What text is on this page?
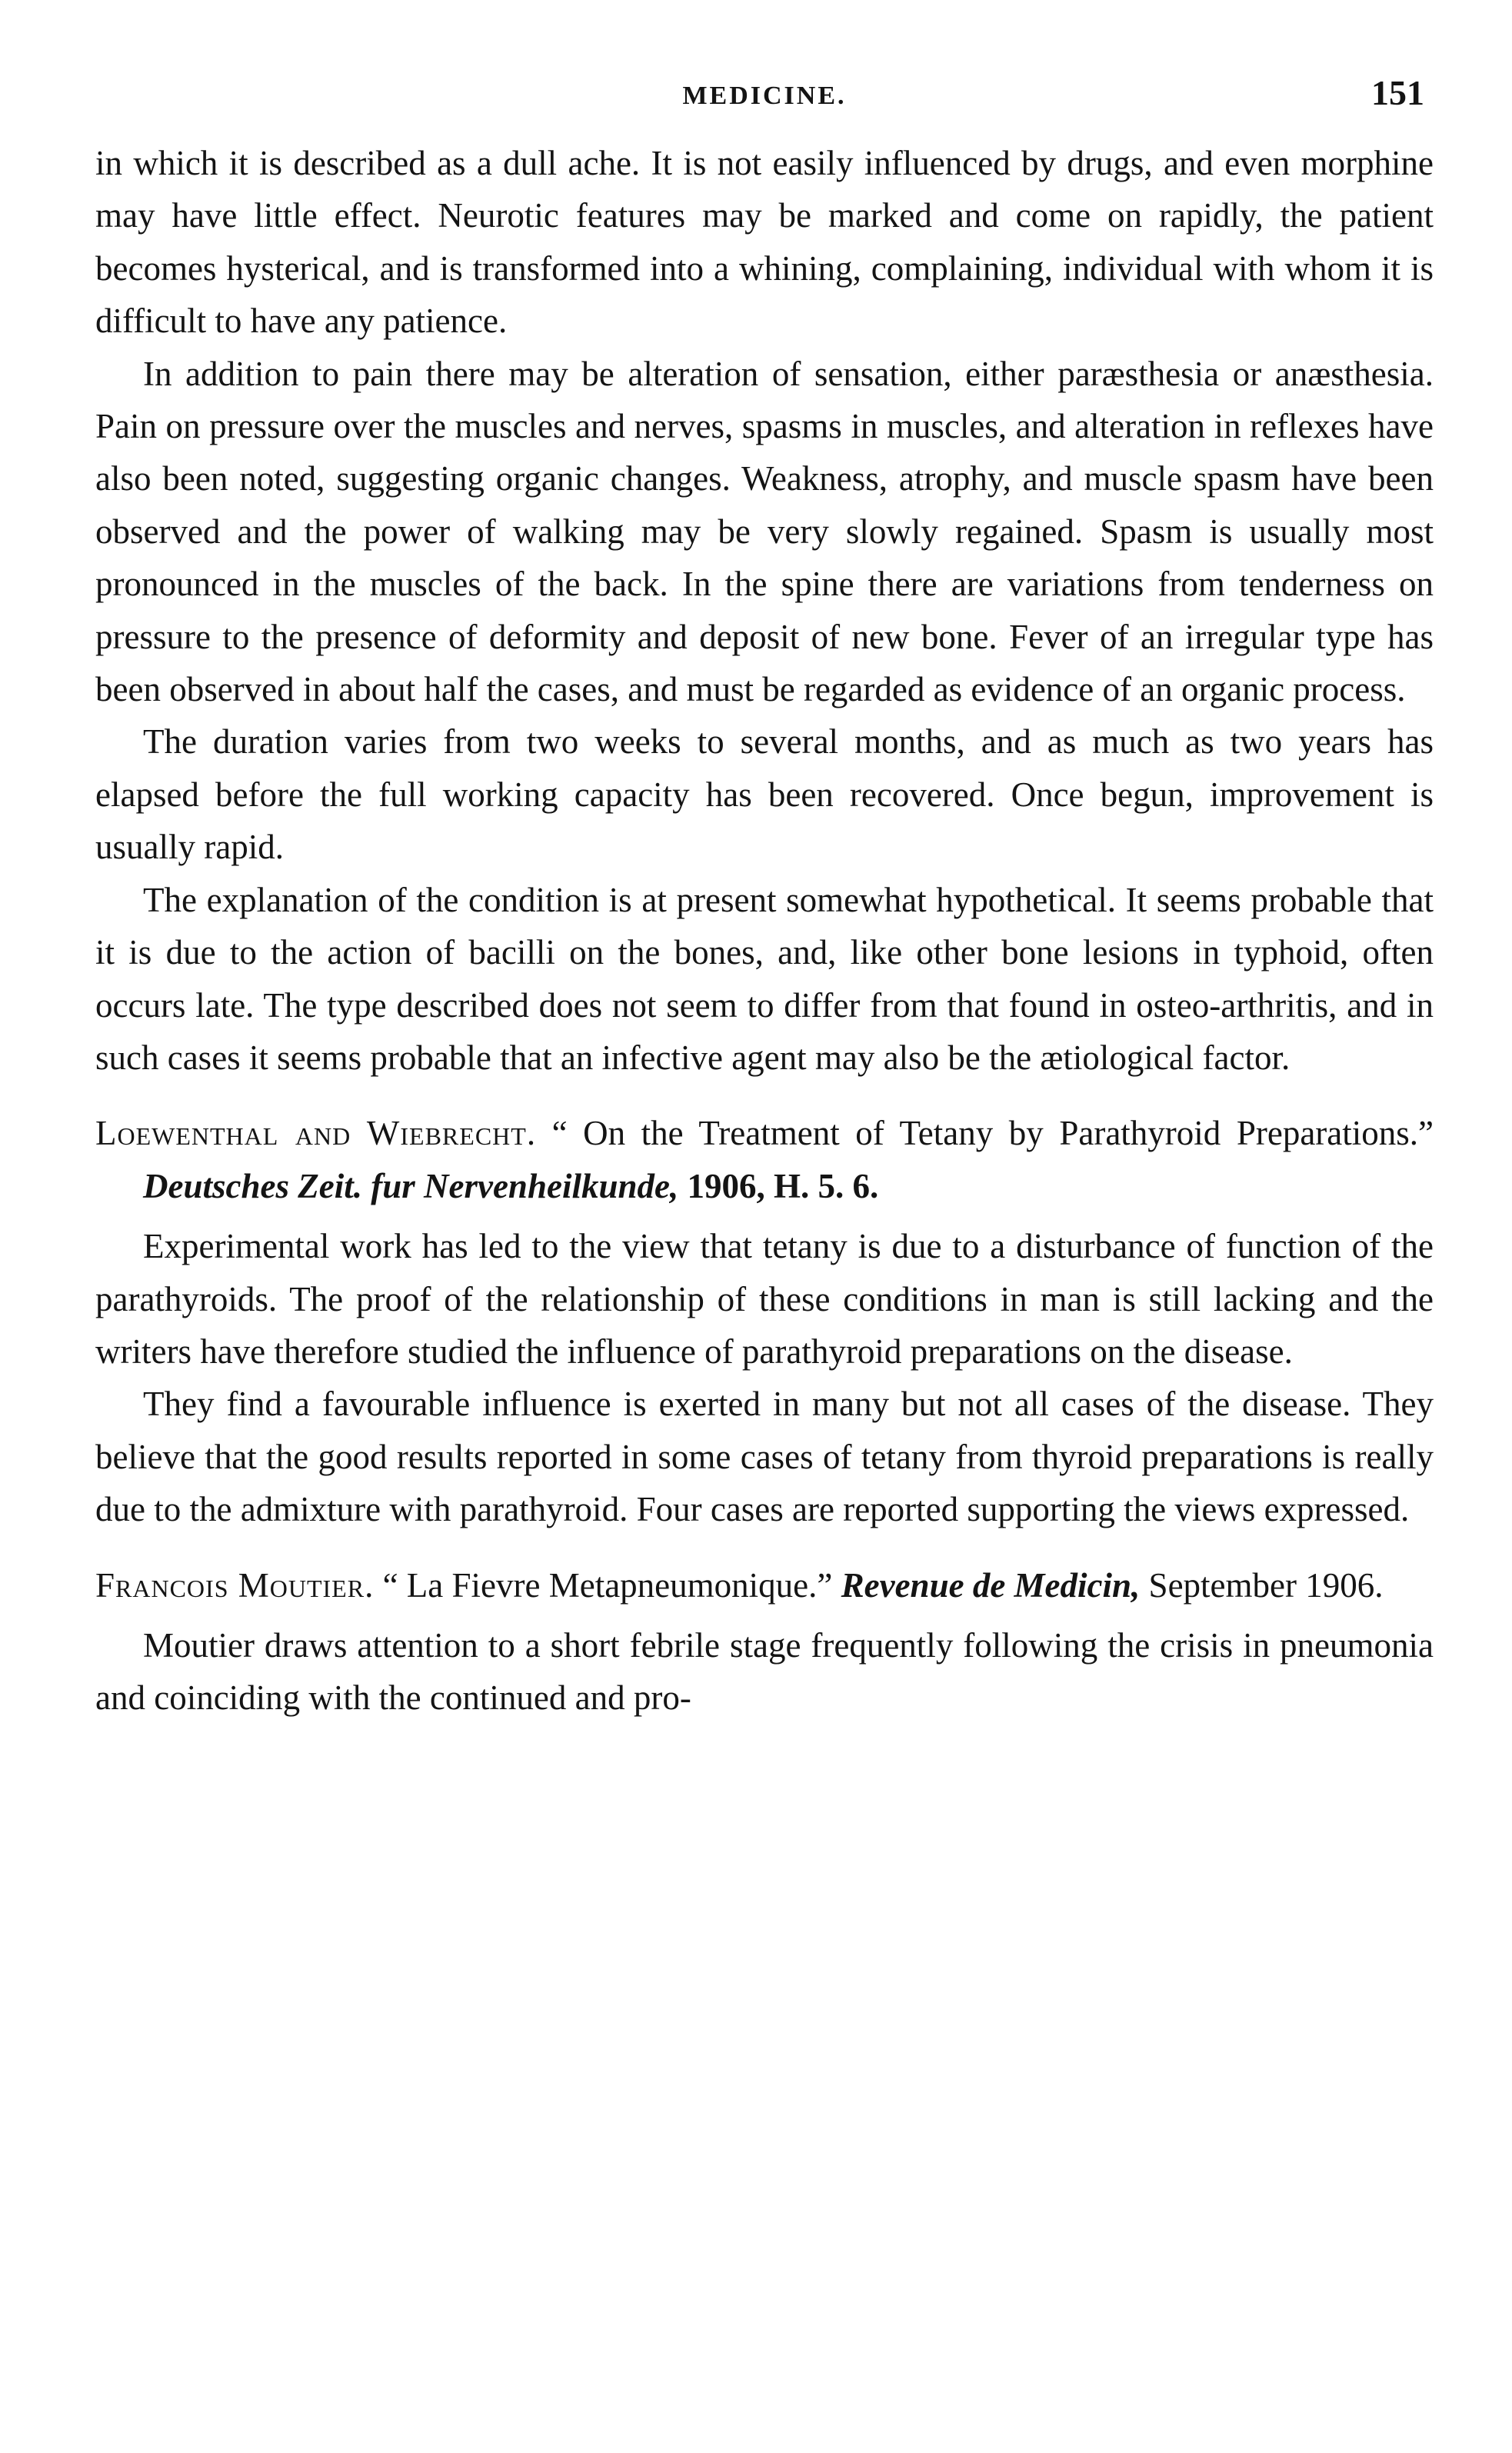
MEDICINE.	151

in which it is described as a dull ache. It is not easily influenced by drugs, and even morphine may have little effect. Neurotic features may be marked and come on rapidly, the patient becomes hysterical, and is transformed into a whining, complaining, individual with whom it is difficult to have any patience.

In addition to pain there may be alteration of sensation, either paræsthesia or anæsthesia. Pain on pressure over the muscles and nerves, spasms in muscles, and alteration in reflexes have also been noted, suggesting organic changes. Weakness, atrophy, and muscle spasm have been observed and the power of walking may be very slowly regained. Spasm is usually most pronounced in the muscles of the back. In the spine there are variations from tenderness on pressure to the presence of deformity and deposit of new bone. Fever of an irregular type has been observed in about half the cases, and must be regarded as evidence of an organic process.

The duration varies from two weeks to several months, and as much as two years has elapsed before the full working capacity has been recovered. Once begun, improvement is usually rapid.

The explanation of the condition is at present somewhat hypothetical. It seems probable that it is due to the action of bacilli on the bones, and, like other bone lesions in typhoid, often occurs late. The type described does not seem to differ from that found in osteo-arthritis, and in such cases it seems probable that an infective agent may also be the ætiological factor.

Loewenthal and Wiebrecht. “ On the Treatment of Tetany by Parathyroid Preparations.” Deutsches Zeit. fur Nervenheilkunde, 1906, H. 5. 6.

Experimental work has led to the view that tetany is due to a disturbance of function of the parathyroids. The proof of the relationship of these conditions in man is still lacking and the writers have therefore studied the influence of parathyroid preparations on the disease.

They find a favourable influence is exerted in many but not all cases of the disease. They believe that the good results reported in some cases of tetany from thyroid preparations is really due to the admixture with parathyroid. Four cases are reported supporting the views expressed.

Francois Moutier. “ La Fievre Metapneumonique.” Revenue de Medicin, September 1906.

Moutier draws attention to a short febrile stage frequently following the crisis in pneumonia and coinciding with the continued and pro-
